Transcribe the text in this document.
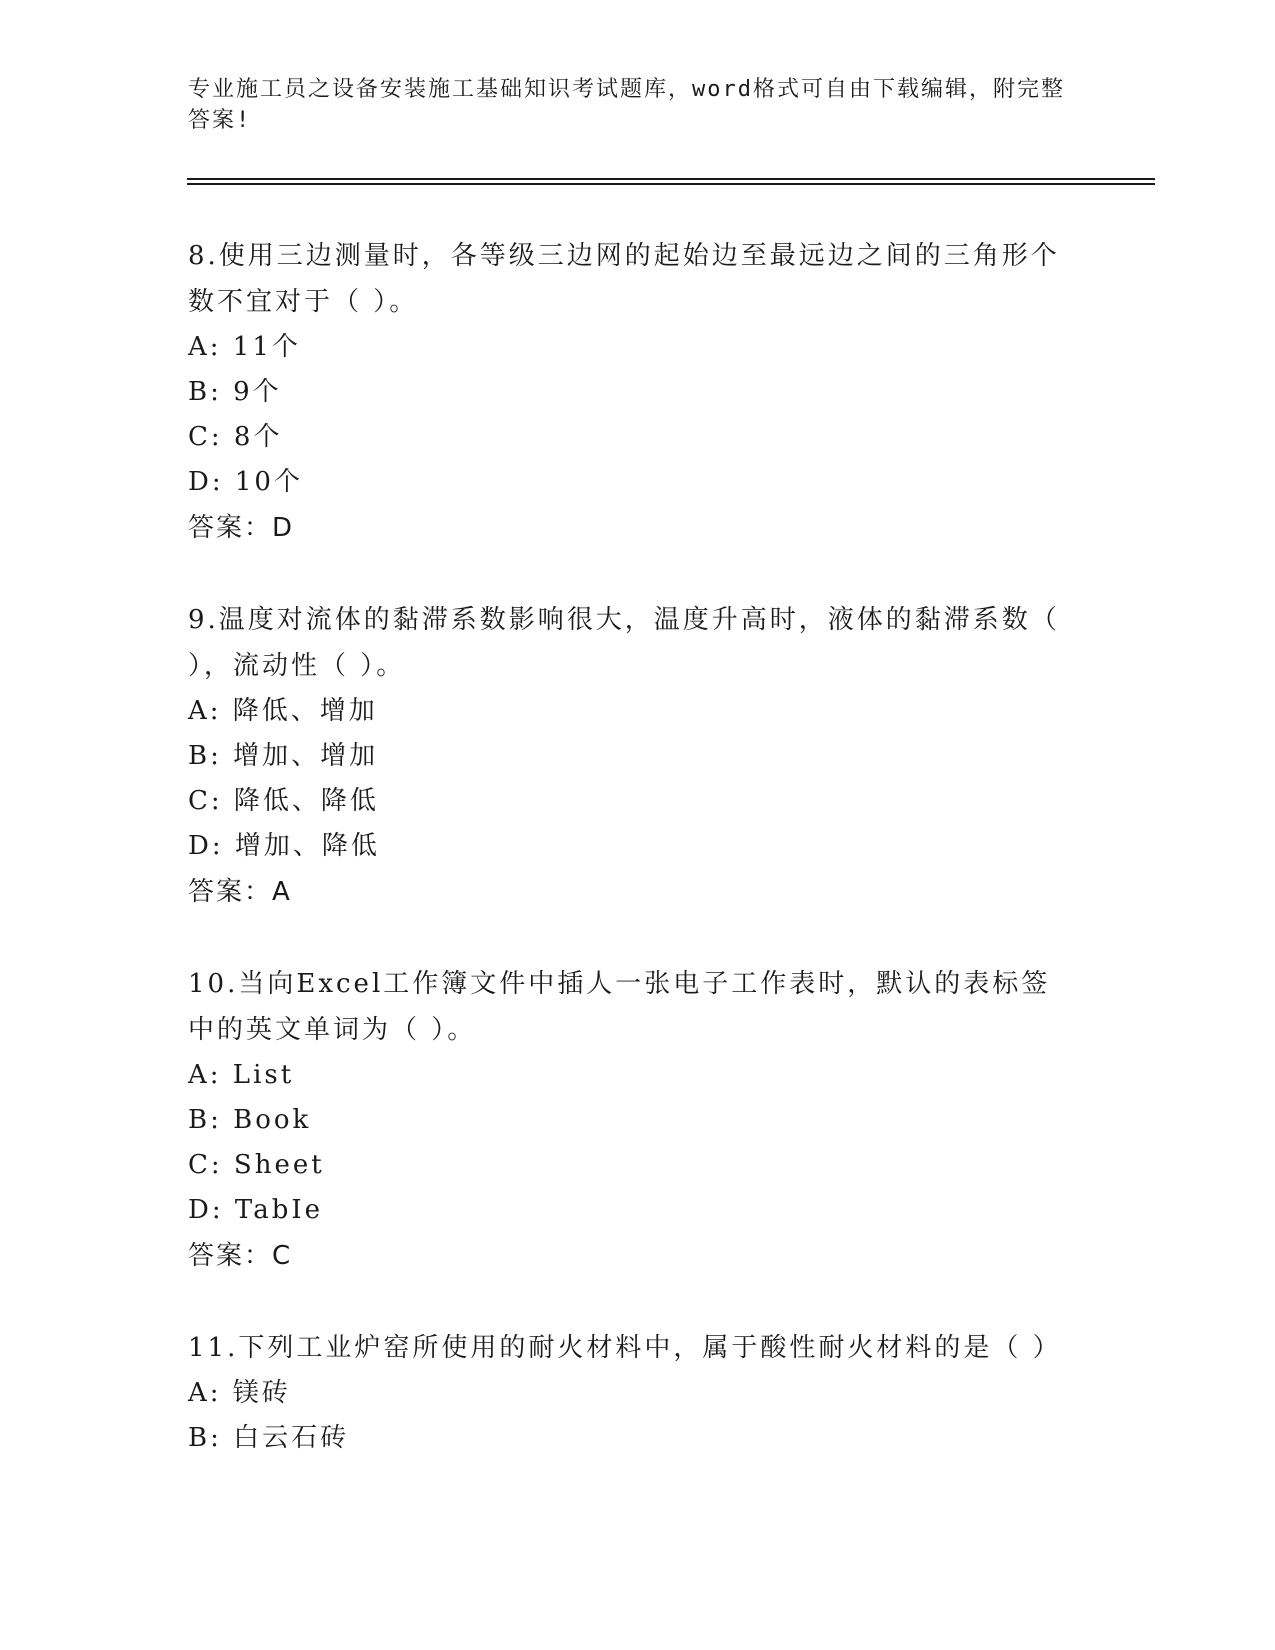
专业施工员之设备安装施工基础知识考试题库，word格式可自由下载编辑，附完整答案!

8.使用三边测量时，各等级三边网的起始边至最远边之间的三角形个数不宜对于（ ）。

A: 11个

B: 9个

C: 8个

D: 10个

答案：D

9.温度对流体的黏滞系数影响很大，温度升高时，液体的黏滞系数（ ），流动性（ ）。

A: 降低、增加

B: 增加、增加

C: 降低、降低

D: 增加、降低

答案：A

10.当向Excel工作簿文件中插人一张电子工作表时，默认的表标签中的英文单词为（ ）。

A: List

B: Book

C: Sheet

D: TabIe

答案：C

11.下列工业炉窑所使用的耐火材料中，属于酸性耐火材料的是（ ）

A: 镁砖

B: 白云石砖
